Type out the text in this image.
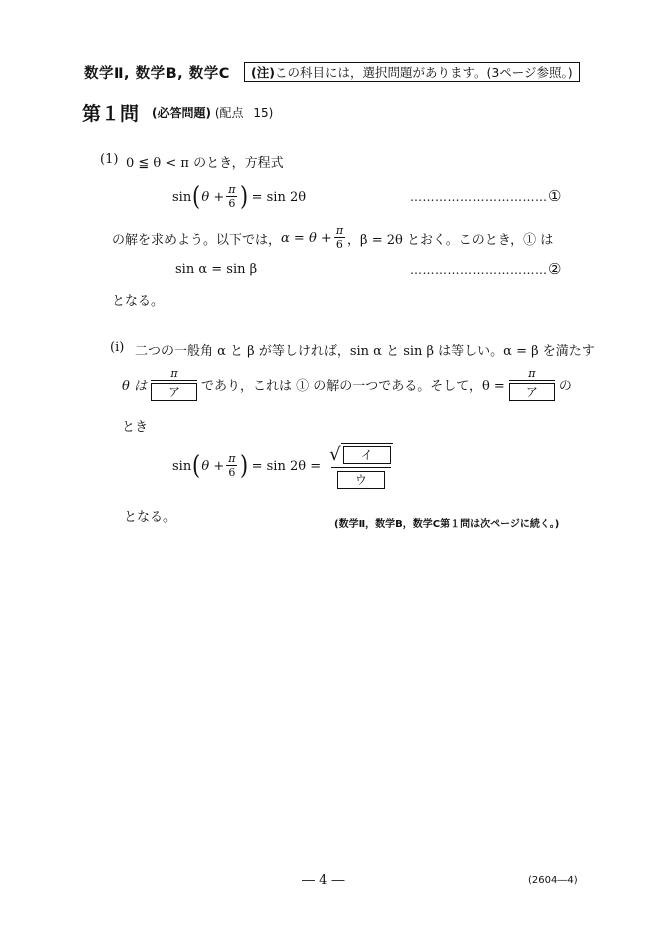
数学Ⅱ, 数学B, 数学C	(注)この科目には，選択問題があります。(3ページ参照。)
第１問 (必答問題) (配点 15)
(1) 0 ≦ θ < π のとき，方程式
sin ( $\theta + \frac{\pi}{6}$ ) = sin 2θ	…………………………… ①
の解を求めよう。以下では， $\alpha = \theta + \frac{\pi}{6}$ ，β = 2θ とおく。このとき，① は
sin α = sin β	…………………………… ②
となる。
(i) 二つの一般角 α と β が等しければ，sin α と sin β は等しい。α = β を満たす
θ は $\frac{\pi}{\text{ア}}$ であり，これは ① の解の一つである。そして，$\theta = \frac{\pi}{\text{ア}}$ の
とき
sin ( $\theta + \frac{\pi}{6}$ ) = sin 2θ = √	イ
ウ
となる。	(数学Ⅱ，数学B，数学C第１問は次ページに続く。)
― 4 ―	(2604―4)
